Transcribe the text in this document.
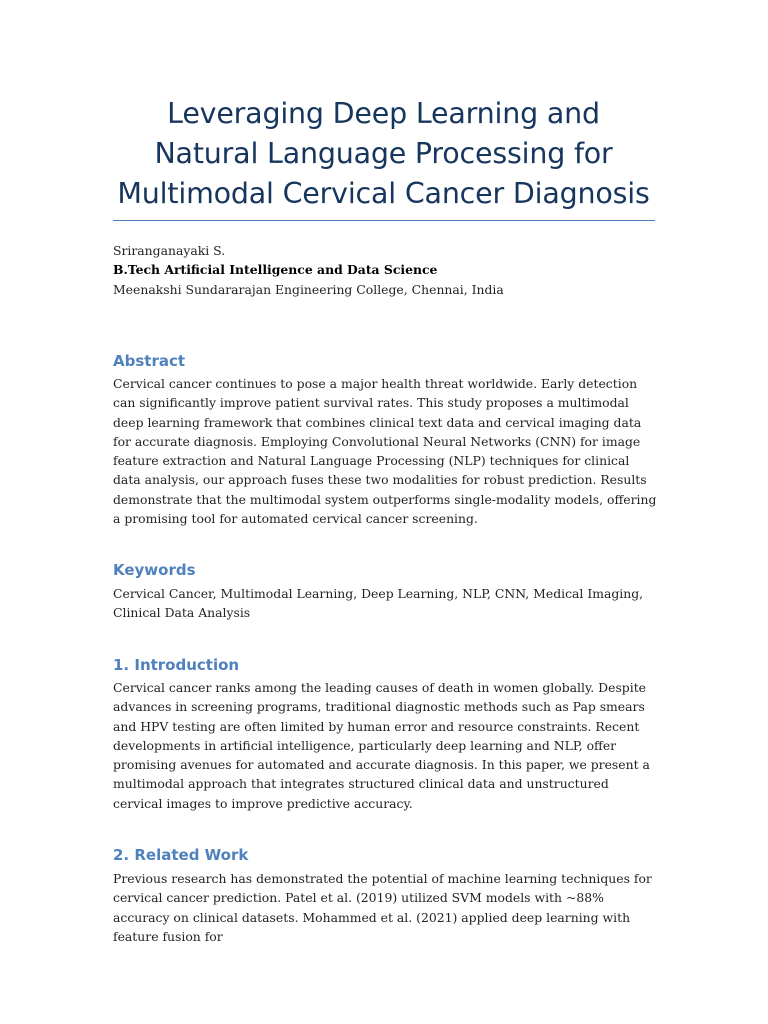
Leveraging Deep Learning and Natural Language Processing for Multimodal Cervical Cancer Diagnosis
Sriranganayaki S.
B.Tech Artificial Intelligence and Data Science
Meenakshi Sundararajan Engineering College, Chennai, India
Abstract

Cervical cancer continues to pose a major health threat worldwide. Early detection can significantly improve patient survival rates. This study proposes a multimodal deep learning framework that combines clinical text data and cervical imaging data for accurate diagnosis. Employing Convolutional Neural Networks (CNN) for image feature extraction and Natural Language Processing (NLP) techniques for clinical data analysis, our approach fuses these two modalities for robust prediction. Results demonstrate that the multimodal system outperforms single-modality models, offering a promising tool for automated cervical cancer screening.

Keywords

Cervical Cancer, Multimodal Learning, Deep Learning, NLP, CNN, Medical Imaging, Clinical Data Analysis

1. Introduction

Cervical cancer ranks among the leading causes of death in women globally. Despite advances in screening programs, traditional diagnostic methods such as Pap smears and HPV testing are often limited by human error and resource constraints. Recent developments in artificial intelligence, particularly deep learning and NLP, offer promising avenues for automated and accurate diagnosis. In this paper, we present a multimodal approach that integrates structured clinical data and unstructured cervical images to improve predictive accuracy.

2. Related Work

Previous research has demonstrated the potential of machine learning techniques for cervical cancer prediction. Patel et al. (2019) utilized SVM models with ~88% accuracy on clinical datasets. Mohammed et al. (2021) applied deep learning with feature fusion for
